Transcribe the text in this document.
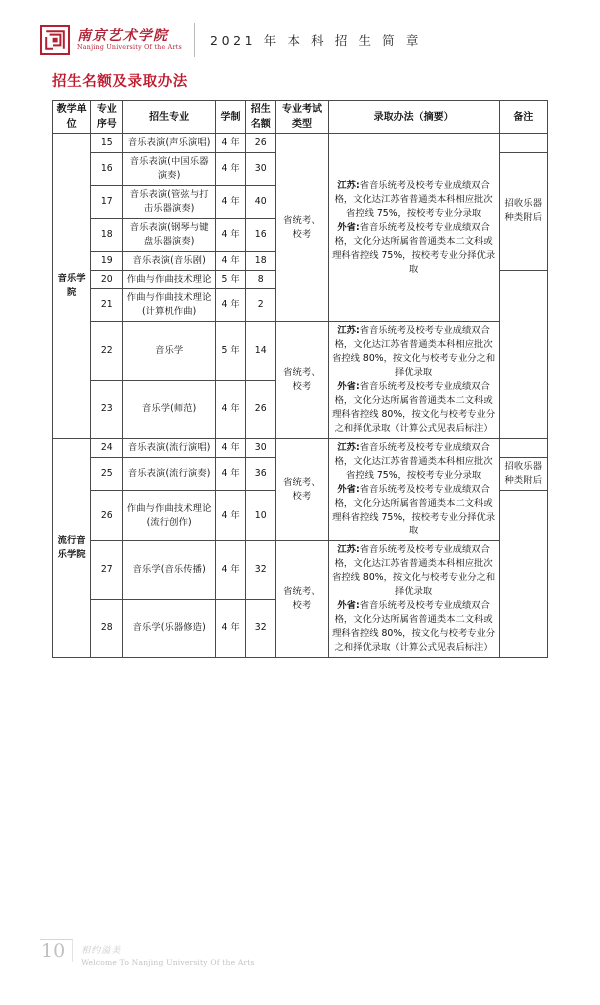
南京艺术学院
Nanjing University Of the Arts 2021 年 本 科 招 生 简 章
招生名额及录取办法
教学单位	专业序号	招生专业	学制	招生名额	专业考试类型	录取办法（摘要）	备注
音乐学院	15	音乐表演(声乐演唱)	4 年	26	省统考、校考	江苏:省音乐统考及校考专业成绩双合格，文化达江苏省普通类本科相应批次省控线 75%，按校考专业分录取
外省:省音乐统考及校考专业成绩双合格，文化分达所属省普通类本二文科或理科省控线 75%，按校考专业分择优录取	
	16	音乐表演(中国乐器演奏)	4 年	30			招收乐器种类附后
	17	音乐表演(管弦与打击乐器演奏)	4 年	40			
	18	音乐表演(钢琴与键盘乐器演奏)	4 年	16			
	19	音乐表演(音乐剧)	4 年	18			
	20	作曲与作曲技术理论	5 年	8			
	21	作曲与作曲技术理论(计算机作曲)	4 年	2			
	22	音乐学	5 年	14	省统考、校考	江苏:省音乐统考及校考专业成绩双合格，文化达江苏省普通类本科相应批次省控线 80%，按文化与校考专业分之和择优录取
外省:省音乐统考及校考专业成绩双合格，文化分达所属省普通类本二文科或理科省控线 80%，按文化与校考专业分之和择优录取（计算公式见表后标注）	
	23	音乐学(师范)	4 年	26			
流行音乐学院	24	音乐表演(流行演唱)	4 年	30	省统考、校考	江苏:省音乐统考及校考专业成绩双合格，文化达江苏省普通类本科相应批次省控线 75%，按校考专业分录取
外省:省音乐统考及校考专业成绩双合格，文化分达所属省普通类本二文科或理科省控线 75%，按校考专业分择优录取	
	25	音乐表演(流行演奏)	4 年	36			招收乐器种类附后
	26	作曲与作曲技术理论(流行创作)	4 年	10			
	27	音乐学(音乐传播)	4 年	32	省统考、校考	江苏:省音乐统考及校考专业成绩双合格，文化达江苏省普通类本科相应批次省控线 80%，按文化与校考专业分之和择优录取
外省:省音乐统考及校考专业成绩双合格，文化分达所属省普通类本二文科或理科省控线 80%，按文化与校考专业分之和择优录取（计算公式见表后标注）	
	28	音乐学(乐器修造)	4 年	32			
10	相约溢美
Welcome To Nanjing University Of the Arts
